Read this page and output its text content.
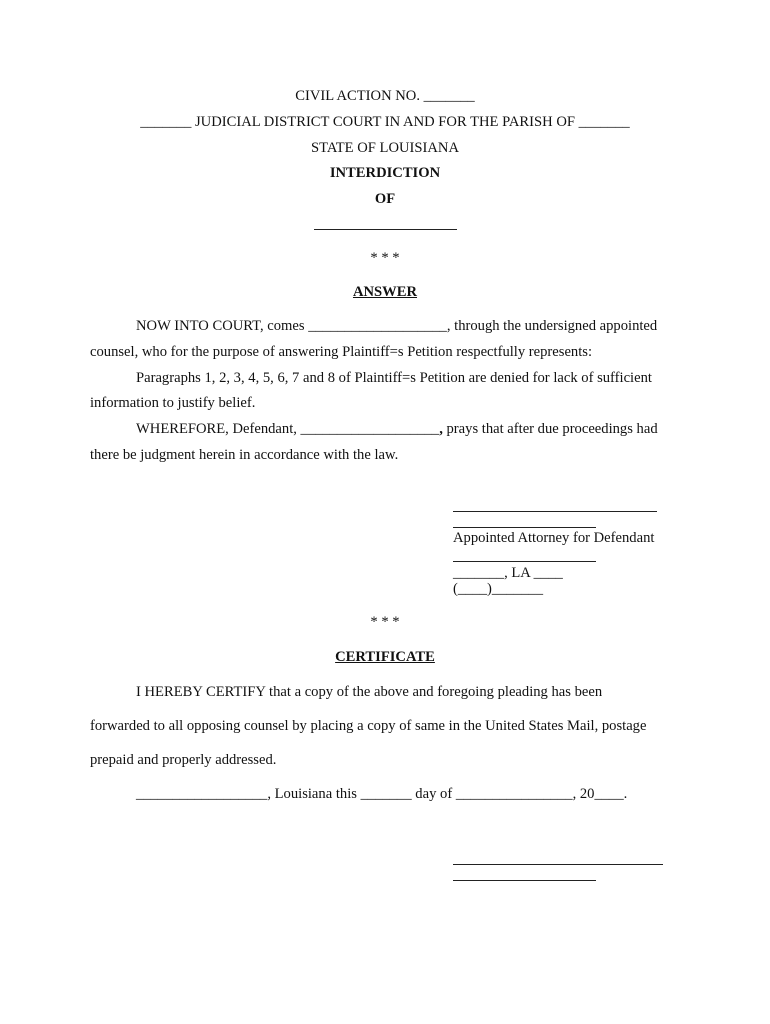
CIVIL ACTION NO. _______
_______ JUDICIAL DISTRICT COURT IN AND FOR THE PARISH OF _______
STATE OF LOUISIANA
INTERDICTION
OF
* * *
ANSWER
NOW INTO COURT, comes ___________________, through the undersigned appointed
counsel, who for the purpose of answering Plaintiff=s Petition respectfully represents:
Paragraphs 1, 2, 3, 4, 5, 6, 7 and 8 of Plaintiff=s Petition are denied for lack of sufficient
information to justify belief.
WHEREFORE, Defendant, ___________________, prays that after due proceedings had
there be judgment herein in accordance with the law.
Appointed Attorney for Defendant
_______, LA ____
(____)_______
* * *
CERTIFICATE
I HEREBY CERTIFY that a copy of the above and foregoing pleading has been
forwarded to all opposing counsel by placing a copy of same in the United States Mail, postage
prepaid and properly addressed.
__________________, Louisiana this _______ day of ________________, 20____.
